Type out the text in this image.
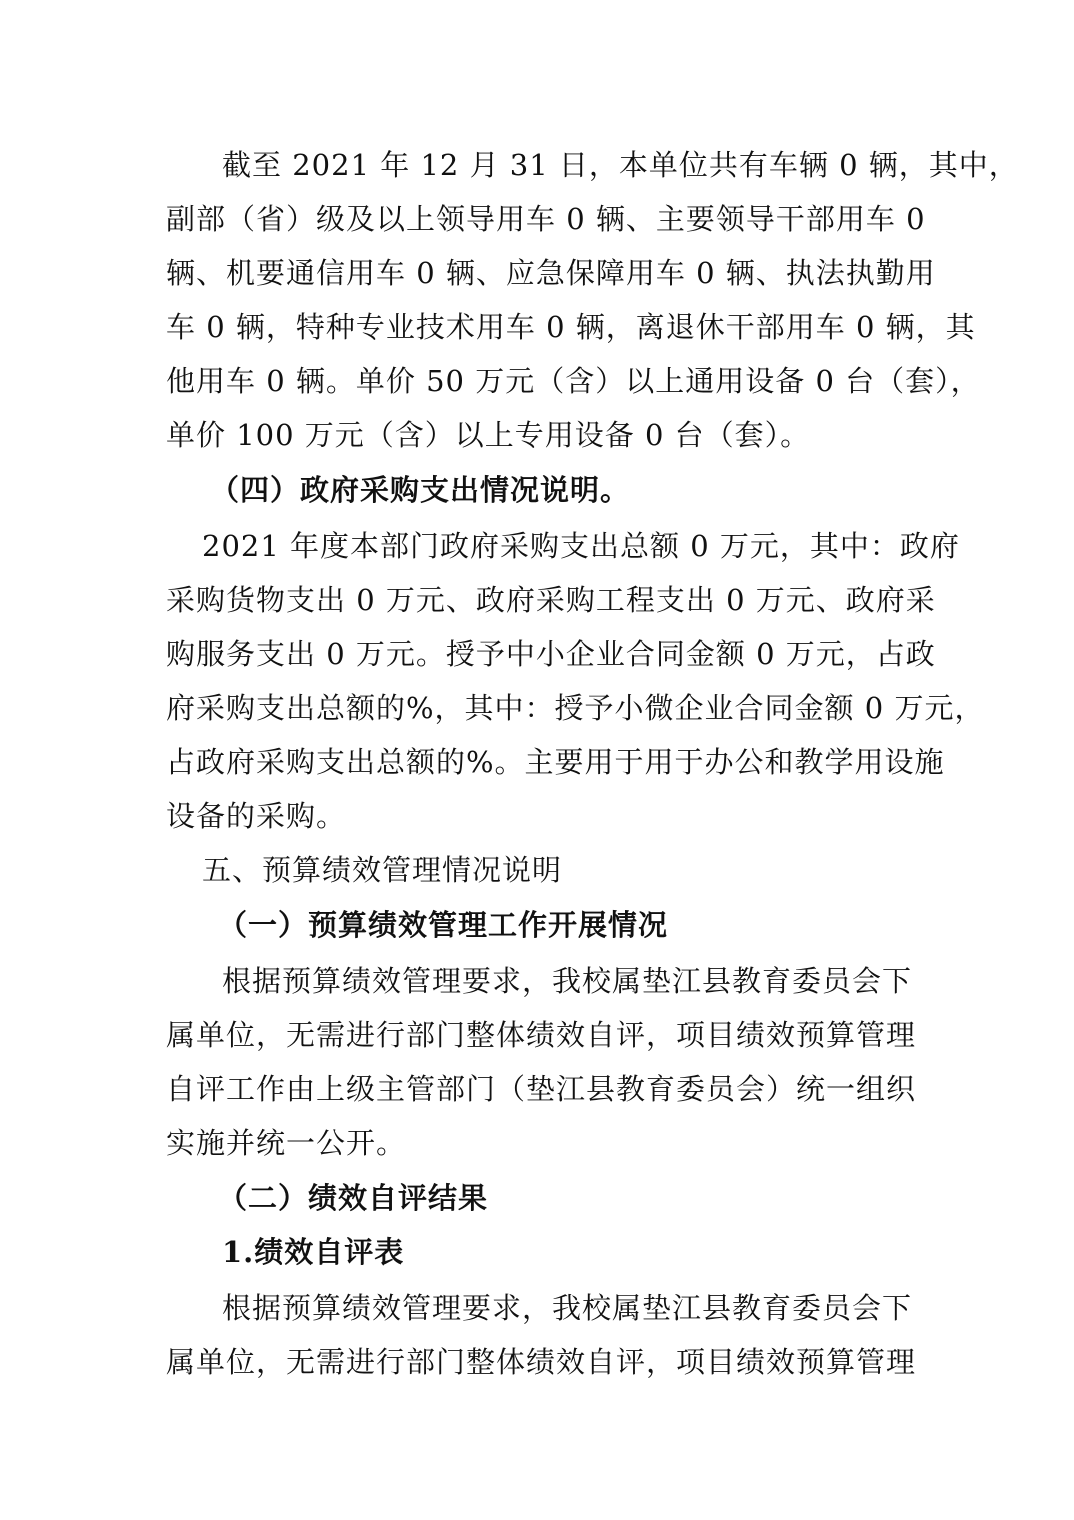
截至 2021 年 12 月 31 日，本单位共有车辆 0 辆，其中，
副部（省）级及以上领导用车 0 辆、主要领导干部用车 0
辆、机要通信用车 0 辆、应急保障用车 0 辆、执法执勤用
车 0 辆，特种专业技术用车 0 辆，离退休干部用车 0 辆，其
他用车 0 辆。单价 50 万元（含）以上通用设备 0 台（套），
单价 100 万元（含）以上专用设备 0 台（套）。
（四）政府采购支出情况说明。
2021 年度本部门政府采购支出总额 0 万元，其中：政府
采购货物支出 0 万元、政府采购工程支出 0 万元、政府采
购服务支出 0 万元。授予中小企业合同金额 0 万元，占政
府采购支出总额的%，其中：授予小微企业合同金额 0 万元，
占政府采购支出总额的%。主要用于用于办公和教学用设施
设备的采购。
五、预算绩效管理情况说明
（一）预算绩效管理工作开展情况
根据预算绩效管理要求，我校属垫江县教育委员会下
属单位，无需进行部门整体绩效自评，项目绩效预算管理
自评工作由上级主管部门（垫江县教育委员会）统一组织
实施并统一公开。
（二）绩效自评结果
1.绩效自评表
根据预算绩效管理要求，我校属垫江县教育委员会下
属单位，无需进行部门整体绩效自评，项目绩效预算管理
